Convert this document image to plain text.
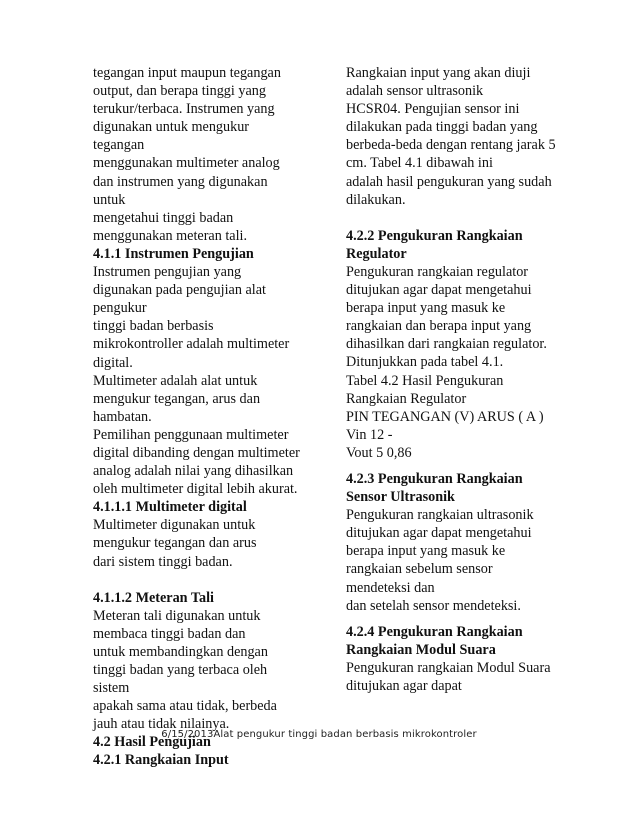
tegangan input maupun tegangan
output, dan berapa tinggi yang
terukur/terbaca. Instrumen yang
digunakan untuk mengukur
tegangan
menggunakan multimeter analog
dan instrumen yang digunakan
untuk
mengetahui tinggi badan
menggunakan meteran tali.
4.1.1 Instrumen Pengujian
Instrumen pengujian yang
digunakan pada pengujian alat
pengukur
tinggi badan berbasis
mikrokontroller adalah multimeter
digital.
Multimeter adalah alat untuk
mengukur tegangan, arus dan
hambatan.
Pemilihan penggunaan multimeter
digital dibanding dengan multimeter
analog adalah nilai yang dihasilkan
oleh multimeter digital lebih akurat.
4.1.1.1 Multimeter digital
Multimeter digunakan untuk
mengukur tegangan dan arus
dari sistem tinggi badan.
4.1.1.2 Meteran Tali
Meteran tali digunakan untuk
membaca tinggi badan dan
untuk membandingkan dengan
tinggi badan yang terbaca oleh
sistem
apakah sama atau tidak, berbeda
jauh atau tidak nilainya.
4.2 Hasil Pengujian
4.2.1 Rangkaian Input
Rangkaian input yang akan diuji
adalah sensor ultrasonik
HCSR04. Pengujian sensor ini
dilakukan pada tinggi badan yang
berbeda-beda dengan rentang jarak 5
cm. Tabel 4.1 dibawah ini
adalah hasil pengukuran yang sudah
dilakukan.
4.2.2 Pengukuran Rangkaian
Regulator
Pengukuran rangkaian regulator
ditujukan agar dapat mengetahui
berapa input yang masuk ke
rangkaian dan berapa input yang
dihasilkan dari rangkaian regulator.
Ditunjukkan pada tabel 4.1.
Tabel 4.2 Hasil Pengukuran
Rangkaian Regulator
PIN TEGANGAN (V) ARUS ( A )
Vin 12 -
Vout 5 0,86
4.2.3 Pengukuran Rangkaian
Sensor Ultrasonik
Pengukuran rangkaian ultrasonik
ditujukan agar dapat mengetahui
berapa input yang masuk ke
rangkaian sebelum sensor
mendeteksi dan
dan setelah sensor mendeteksi.
4.2.4 Pengukuran Rangkaian
Rangkaian Modul Suara
Pengukuran rangkaian Modul Suara
ditujukan agar dapat
6/15/2013Alat pengukur tinggi badan berbasis mikrokontroler
